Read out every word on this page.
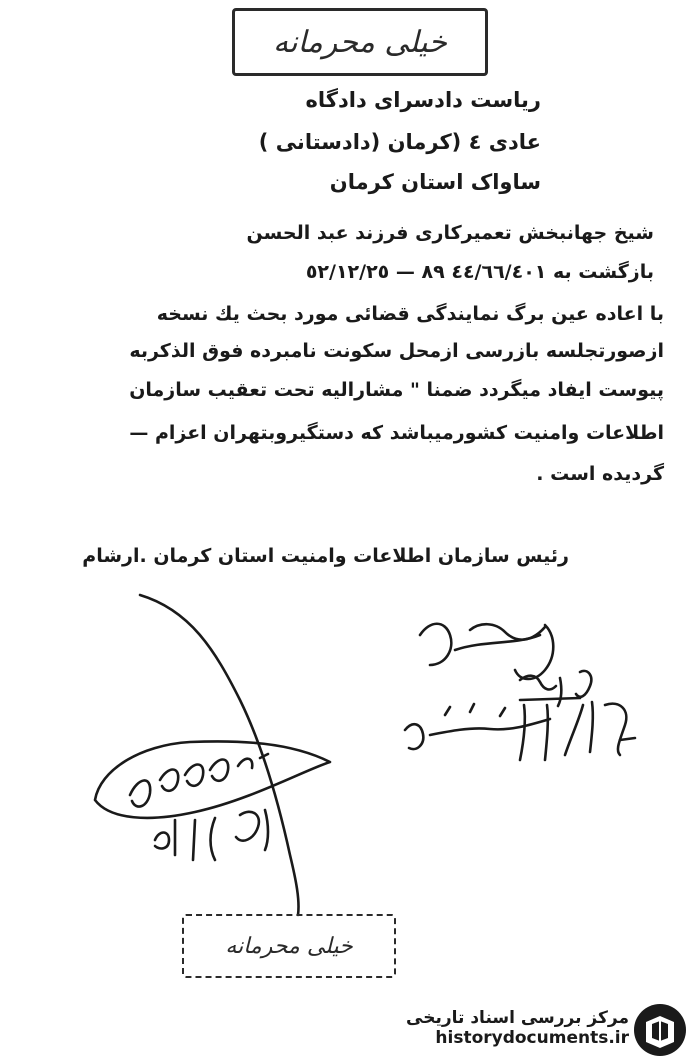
خیلی محرمانه
ریاست دادسرای دادگاه
عادی ٤ (کرمان (دادستانی )
ساواک استان کرمان
شیخ جهانبخش تعمیرکاری فرزند عبد الحسن
بازگشت به ٤٤/٦٦/٤٠١ ٨٩ — ٥٢/١٢/٢٥
با اعاده عین برگ نمایندگی قضائی مورد بحث یك نسخه
ازصورتجلسه بازرسی ازمحل سکونت نامبرده فوق الذکربه
پیوست ایفاد میگردد ضمنا " مشارالیه تحت تعقیب سازمان
اطلاعات وامنیت کشورمیباشد که دستگیروبتهران اعزام —
گردیده است .
رئیس سازمان اطلاعات وامنیت استان کرمان .ارشام
خیلی محرمانه
مرکز بررسی اسناد تاریخی
historydocuments.ir
